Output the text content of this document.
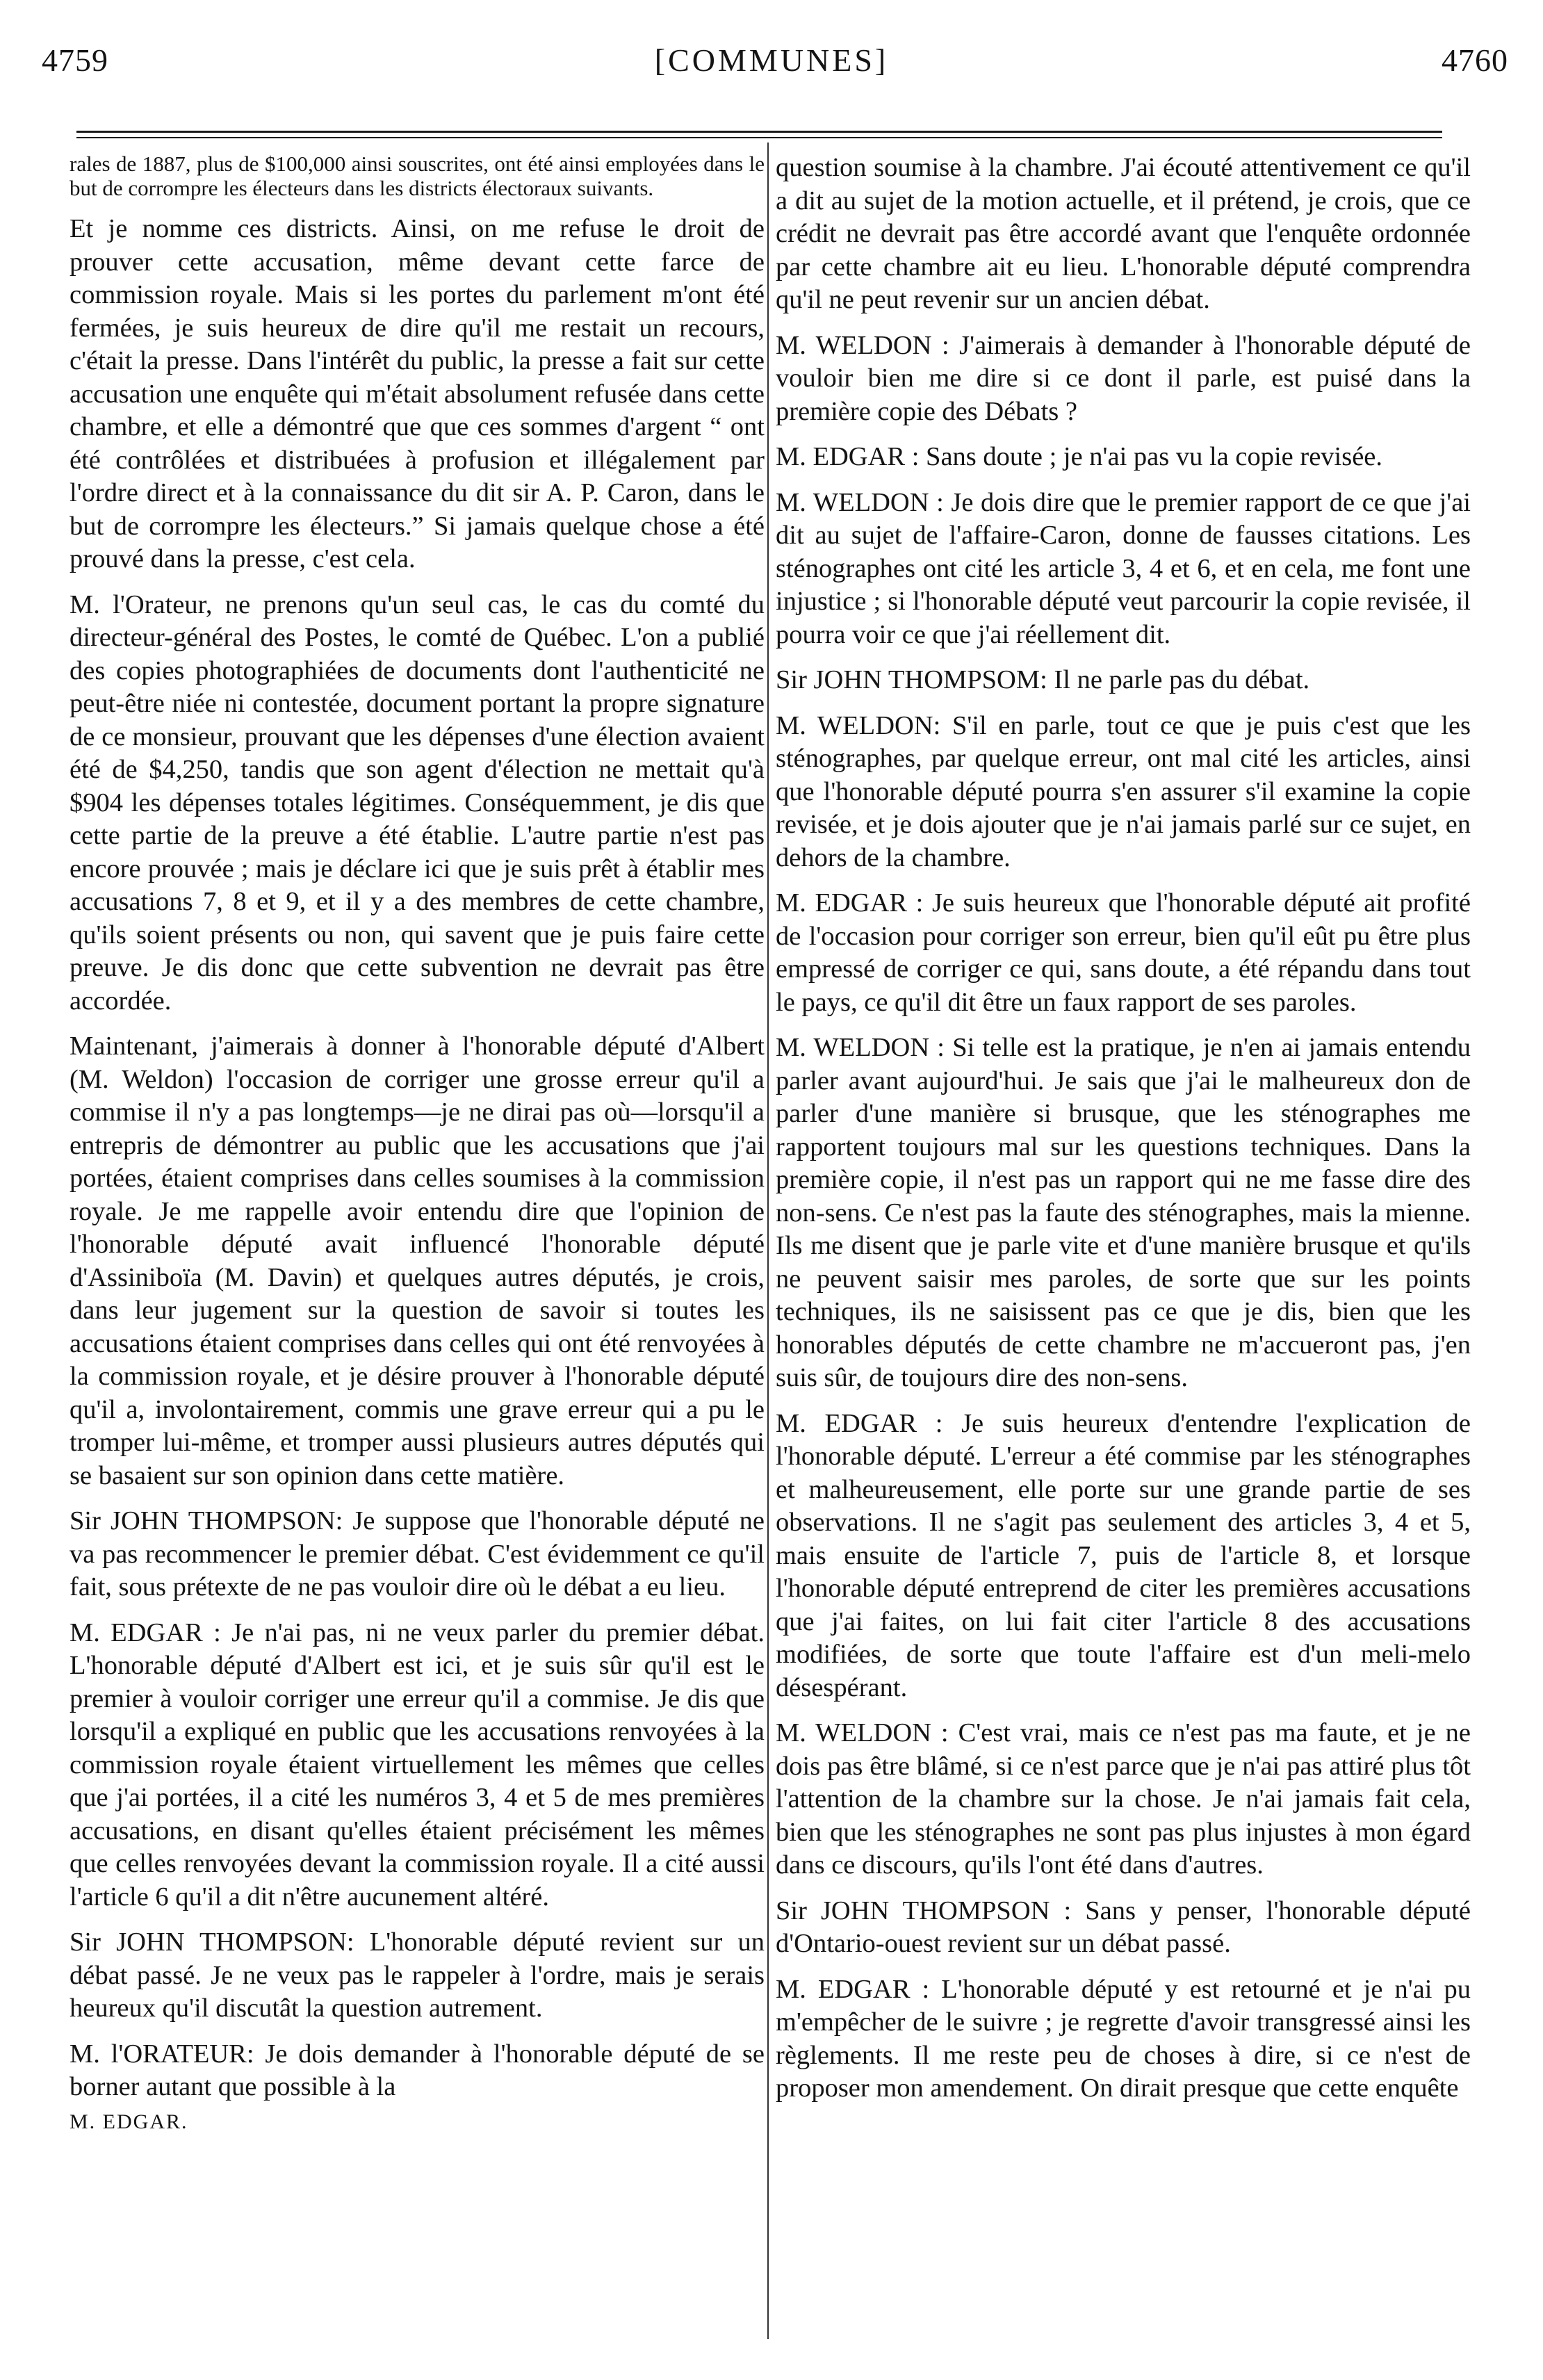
4759	[COMMUNES]	4760

rales de 1887, plus de $100,000 ainsi souscrites, ont été ainsi employées dans le but de corrompre les électeurs dans les districts électoraux suivants.

Et je nomme ces districts. Ainsi, on me refuse le droit de prouver cette accusation, même devant cette farce de commission royale. Mais si les portes du parlement m'ont été fermées, je suis heureux de dire qu'il me restait un recours, c'était la presse. Dans l'intérêt du public, la presse a fait sur cette accusation une enquête qui m'était absolument refusée dans cette chambre, et elle a démontré que que ces sommes d'argent “ ont été contrôlées et distribuées à profusion et illégalement par l'ordre direct et à la connaissance du dit sir A. P. Caron, dans le but de corrompre les électeurs.” Si jamais quelque chose a été prouvé dans la presse, c'est cela.

M. l'Orateur, ne prenons qu'un seul cas, le cas du comté du directeur-général des Postes, le comté de Québec. L'on a publié des copies photographiées de documents dont l'authenticité ne peut-être niée ni contestée, document portant la propre signature de ce monsieur, prouvant que les dépenses d'une élection avaient été de $4,250, tandis que son agent d'élection ne mettait qu'à $904 les dépenses totales légitimes. Conséquemment, je dis que cette partie de la preuve a été établie. L'autre partie n'est pas encore prouvée ; mais je déclare ici que je suis prêt à établir mes accusations 7, 8 et 9, et il y a des membres de cette chambre, qu'ils soient présents ou non, qui savent que je puis faire cette preuve. Je dis donc que cette subvention ne devrait pas être accordée.

Maintenant, j'aimerais à donner à l'honorable député d'Albert (M. Weldon) l'occasion de corriger une grosse erreur qu'il a commise il n'y a pas longtemps—je ne dirai pas où—lorsqu'il a entrepris de démontrer au public que les accusations que j'ai portées, étaient comprises dans celles soumises à la commission royale. Je me rappelle avoir entendu dire que l'opinion de l'honorable député avait influencé l'honorable député d'Assiniboïa (M. Davin) et quelques autres députés, je crois, dans leur jugement sur la question de savoir si toutes les accusations étaient comprises dans celles qui ont été renvoyées à la commission royale, et je désire prouver à l'honorable député qu'il a, involontairement, commis une grave erreur qui a pu le tromper lui-même, et tromper aussi plusieurs autres députés qui se basaient sur son opinion dans cette matière.

Sir JOHN THOMPSON: Je suppose que l'honorable député ne va pas recommencer le premier débat. C'est évidemment ce qu'il fait, sous prétexte de ne pas vouloir dire où le débat a eu lieu.

M. EDGAR : Je n'ai pas, ni ne veux parler du premier débat. L'honorable député d'Albert est ici, et je suis sûr qu'il est le premier à vouloir corriger une erreur qu'il a commise. Je dis que lorsqu'il a expliqué en public que les accusations renvoyées à la commission royale étaient virtuellement les mêmes que celles que j'ai portées, il a cité les numéros 3, 4 et 5 de mes premières accusations, en disant qu'elles étaient précisément les mêmes que celles renvoyées devant la commission royale. Il a cité aussi l'article 6 qu'il a dit n'être aucunement altéré.

Sir JOHN THOMPSON: L'honorable député revient sur un débat passé. Je ne veux pas le rappeler à l'ordre, mais je serais heureux qu'il discutât la question autrement.

M. l'ORATEUR: Je dois demander à l'honorable député de se borner autant que possible à la

M. EDGAR.

question soumise à la chambre. J'ai écouté attentivement ce qu'il a dit au sujet de la motion actuelle, et il prétend, je crois, que ce crédit ne devrait pas être accordé avant que l'enquête ordonnée par cette chambre ait eu lieu. L'honorable député comprendra qu'il ne peut revenir sur un ancien débat.

M. WELDON : J'aimerais à demander à l'honorable député de vouloir bien me dire si ce dont il parle, est puisé dans la première copie des Débats ?

M. EDGAR : Sans doute ; je n'ai pas vu la copie revisée.

M. WELDON : Je dois dire que le premier rapport de ce que j'ai dit au sujet de l'affaire-Caron, donne de fausses citations. Les sténographes ont cité les article 3, 4 et 6, et en cela, me font une injustice ; si l'honorable député veut parcourir la copie revisée, il pourra voir ce que j'ai réellement dit.

Sir JOHN THOMPSOM: Il ne parle pas du débat.

M. WELDON: S'il en parle, tout ce que je puis c'est que les sténographes, par quelque erreur, ont mal cité les articles, ainsi que l'honorable député pourra s'en assurer s'il examine la copie revisée, et je dois ajouter que je n'ai jamais parlé sur ce sujet, en dehors de la chambre.

M. EDGAR : Je suis heureux que l'honorable député ait profité de l'occasion pour corriger son erreur, bien qu'il eût pu être plus empressé de corriger ce qui, sans doute, a été répandu dans tout le pays, ce qu'il dit être un faux rapport de ses paroles.

M. WELDON : Si telle est la pratique, je n'en ai jamais entendu parler avant aujourd'hui. Je sais que j'ai le malheureux don de parler d'une manière si brusque, que les sténographes me rapportent toujours mal sur les questions techniques. Dans la première copie, il n'est pas un rapport qui ne me fasse dire des non-sens. Ce n'est pas la faute des sténographes, mais la mienne. Ils me disent que je parle vite et d'une manière brusque et qu'ils ne peuvent saisir mes paroles, de sorte que sur les points techniques, ils ne saisissent pas ce que je dis, bien que les honorables députés de cette chambre ne m'accueront pas, j'en suis sûr, de toujours dire des non-sens.

M. EDGAR : Je suis heureux d'entendre l'explication de l'honorable député. L'erreur a été commise par les sténographes et malheureusement, elle porte sur une grande partie de ses observations. Il ne s'agit pas seulement des articles 3, 4 et 5, mais ensuite de l'article 7, puis de l'article 8, et lorsque l'honorable député entreprend de citer les premières accusations que j'ai faites, on lui fait citer l'article 8 des accusations modifiées, de sorte que toute l'affaire est d'un meli-melo désespérant.

M. WELDON : C'est vrai, mais ce n'est pas ma faute, et je ne dois pas être blâmé, si ce n'est parce que je n'ai pas attiré plus tôt l'attention de la chambre sur la chose. Je n'ai jamais fait cela, bien que les sténographes ne sont pas plus injustes à mon égard dans ce discours, qu'ils l'ont été dans d'autres.

Sir JOHN THOMPSON : Sans y penser, l'honorable député d'Ontario-ouest revient sur un débat passé.

M. EDGAR : L'honorable député y est retourné et je n'ai pu m'empêcher de le suivre ; je regrette d'avoir transgressé ainsi les règlements. Il me reste peu de choses à dire, si ce n'est de proposer mon amendement. On dirait presque que cette enquête
